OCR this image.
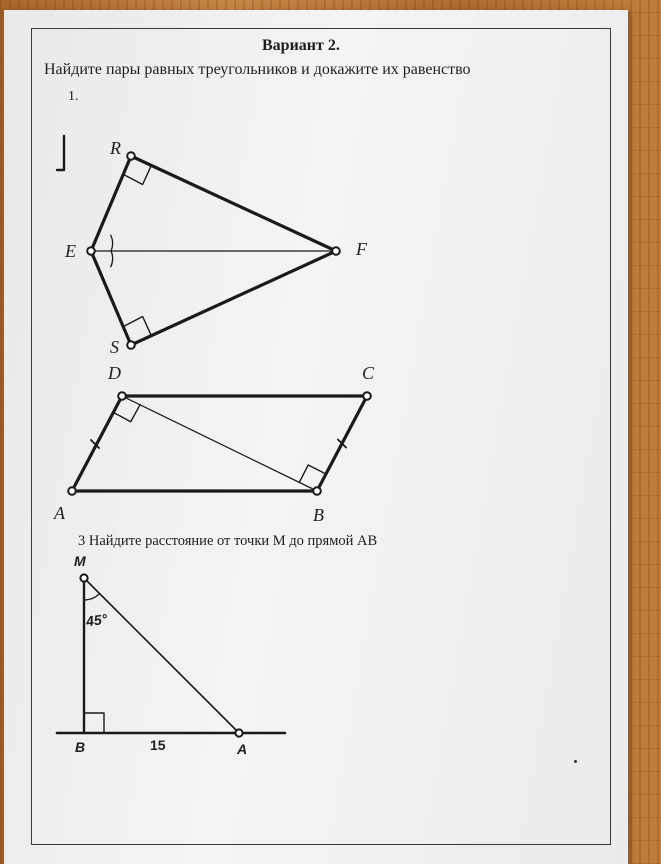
Вариант 2.
Найдите пары равных треугольников и докажите их равенство
1.
R
E	F
S
D	C
A	B
3 Найдите расстояние от точки М до прямой АВ
M
B	A
45°
15
